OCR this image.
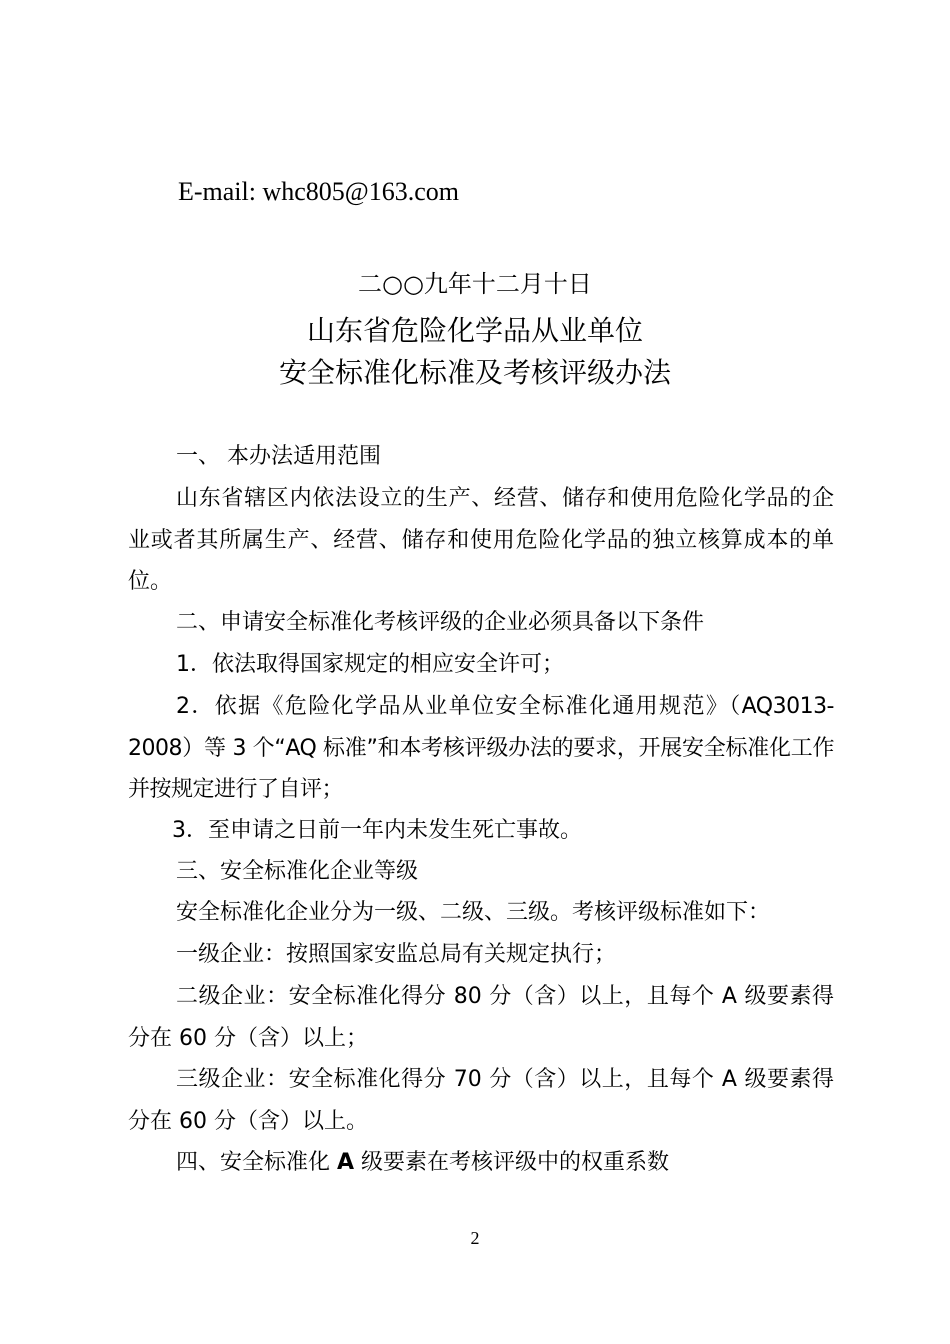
E-mail: whc805@163.com
二○○九年十二月十日
山东省危险化学品从业单位
安全标准化标准及考核评级办法
一、 本办法适用范围
山东省辖区内依法设立的生产、经营、储存和使用危险化学品的企业或者其所属生产、经营、储存和使用危险化学品的独立核算成本的单位。
二、申请安全标准化考核评级的企业必须具备以下条件
1．依法取得国家规定的相应安全许可；
2．依据《危险化学品从业单位安全标准化通用规范》（AQ3013-2008）等 3 个“AQ 标准”和本考核评级办法的要求，开展安全标准化工作并按规定进行了自评；
3．至申请之日前一年内未发生死亡事故。
三、安全标准化企业等级
安全标准化企业分为一级、二级、三级。考核评级标准如下：
一级企业：按照国家安监总局有关规定执行；
二级企业：安全标准化得分 80 分（含）以上，且每个 A 级要素得分在 60 分（含）以上；
三级企业：安全标准化得分 70 分（含）以上，且每个 A 级要素得分在 60 分（含）以上。
四、安全标准化 A 级要素在考核评级中的权重系数
2
